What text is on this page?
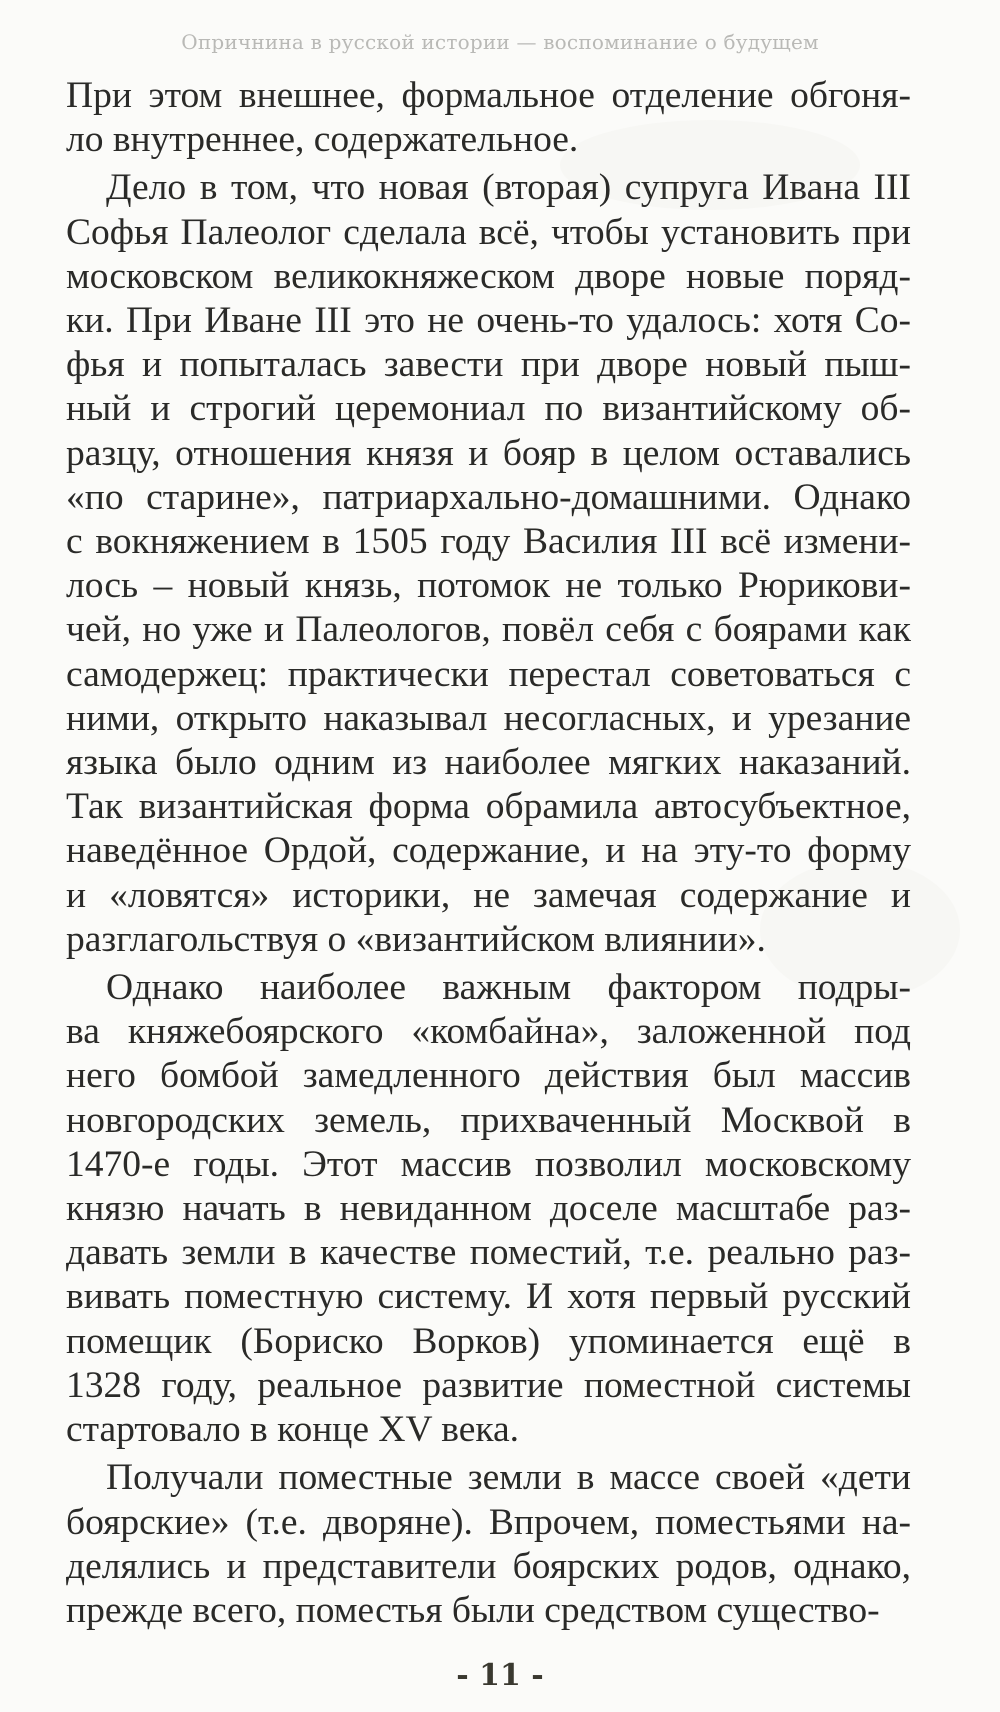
Опричнина в русской истории — воспоминание о будущем
При этом внешнее, формальное отделение обгоня-
ло внутреннее, содержательное.
Дело в том, что новая (вторая) супруга Ивана III
Софья Палеолог сделала всё, чтобы установить при
московском великокняжеском дворе новые поряд-
ки. При Иване III это не очень-то удалось: хотя Со-
фья и попыталась завести при дворе новый пыш-
ный и строгий церемониал по византийскому об-
разцу, отношения князя и бояр в целом оставались
«по старине», патриархально-домашними. Однако
с вокняжением в 1505 году Василия III всё измени-
лось – новый князь, потомок не только Рюрикови-
чей, но уже и Палеологов, повёл себя с боярами как
самодержец: практически перестал советоваться с
ними, открыто наказывал несогласных, и урезание
языка было одним из наиболее мягких наказаний.
Так византийская форма обрамила автосубъектное,
наведённое Ордой, содержание, и на эту-то форму
и «ловятся» историки, не замечая содержание и
разглагольствуя о «византийском влиянии».
Однако наиболее важным фактором подры-
ва княжебоярского «комбайна», заложенной под
него бомбой замедленного действия был массив
новгородских земель, прихваченный Москвой в
1470-е годы. Этот массив позволил московскому
князю начать в невиданном доселе масштабе раз-
давать земли в качестве поместий, т.е. реально раз-
вивать поместную систему. И хотя первый русский
помещик (Бориско Ворков) упоминается ещё в
1328 году, реальное развитие поместной системы
стартовало в конце XV века.
Получали поместные земли в массе своей «дети
боярские» (т.е. дворяне). Впрочем, поместьями на-
делялись и представители боярских родов, однако,
прежде всего, поместья были средством существо-
- 11 -
